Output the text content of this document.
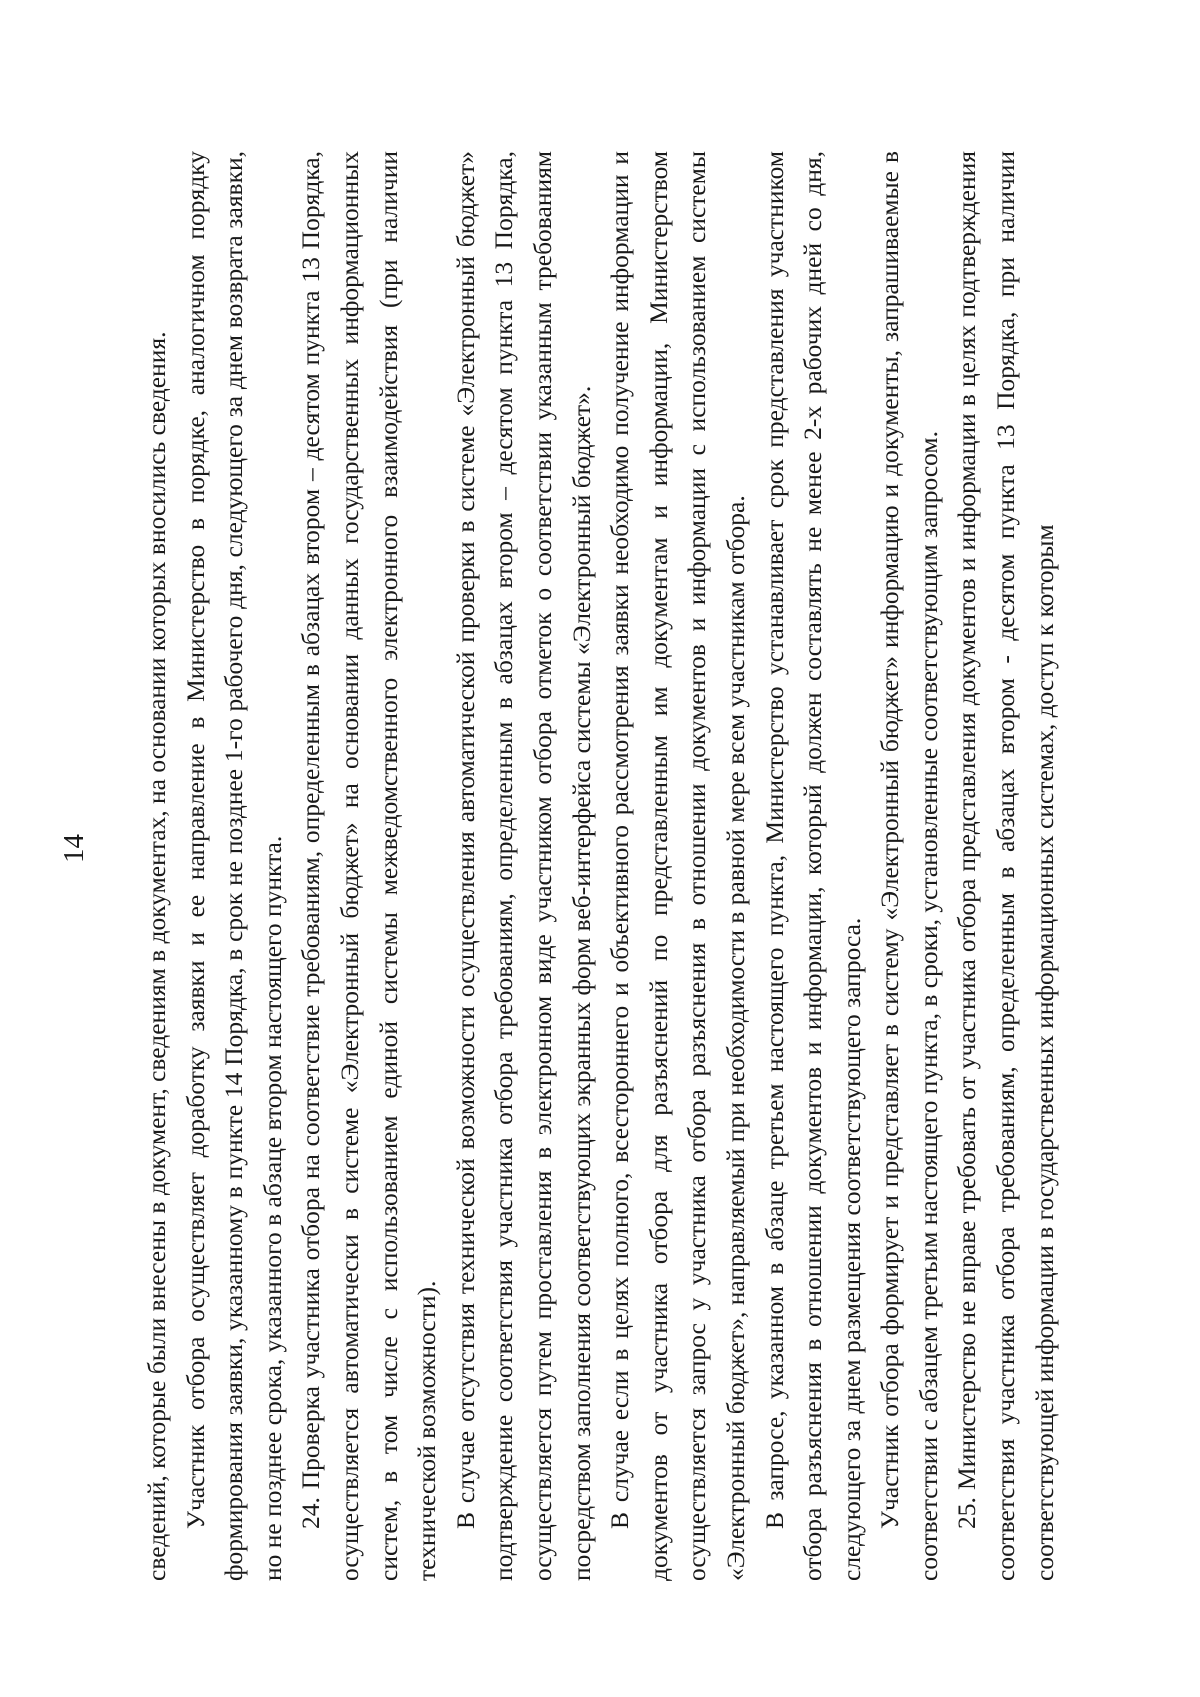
14 сведений, которые были внесены в документ, сведениям в документах, на основании которых вносились сведения. Участник отбора осуществляет доработку заявки и ее направление в Министерство в порядке, аналогичном порядку формирования заявки, указанному в пункте 14 Порядка, в срок не позднее 1-го рабочего дня, следующего за днем возврата заявки, но не позднее срока, указанного в абзаце втором настоящего пункта. 24. Проверка участника отбора на соответствие требованиям, определенным в абзацах втором – десятом пункта 13 Порядка, осуществляется автоматически в системе «Электронный бюджет» на основании данных государственных информационных систем, в том числе с использованием единой системы межведомственного электронного взаимодействия (при наличии технической возможности). В случае отсутствия технической возможности осуществления автоматической проверки в системе «Электронный бюджет» подтверждение соответствия участника отбора требованиям, определенным в абзацах втором – десятом пункта 13 Порядка, осуществляется путем проставления в электронном виде участником отбора отметок о соответствии указанным требованиям посредством заполнения соответствующих экранных форм веб-интерфейса системы «Электронный бюджет». В случае если в целях полного, всестороннего и объективного рассмотрения заявки необходимо получение информации и документов от участника отбора для разъяснений по представленным им документам и информации, Министерством осуществляется запрос у участника отбора разъяснения в отношении документов и информации с использованием системы «Электронный бюджет», направляемый при необходимости в равной мере всем участникам отбора. В запросе, указанном в абзаце третьем настоящего пункта, Министерство устанавливает срок представления участником отбора разъяснения в отношении документов и информации, который должен составлять не менее 2-х рабочих дней со дня, следующего за днем размещения соответствующего запроса. Участник отбора формирует и представляет в систему «Электронный бюджет» информацию и документы, запрашиваемые в соответствии с абзацем третьим настоящего пункта, в сроки, установленные соответствующим запросом. 25. Министерство не вправе требовать от участника отбора представления документов и информации в целях подтверждения соответствия участника отбора требованиям, определенным в абзацах втором - десятом пункта 13 Порядка, при наличии соответствующей информации в государственных информационных системах, доступ к которым
